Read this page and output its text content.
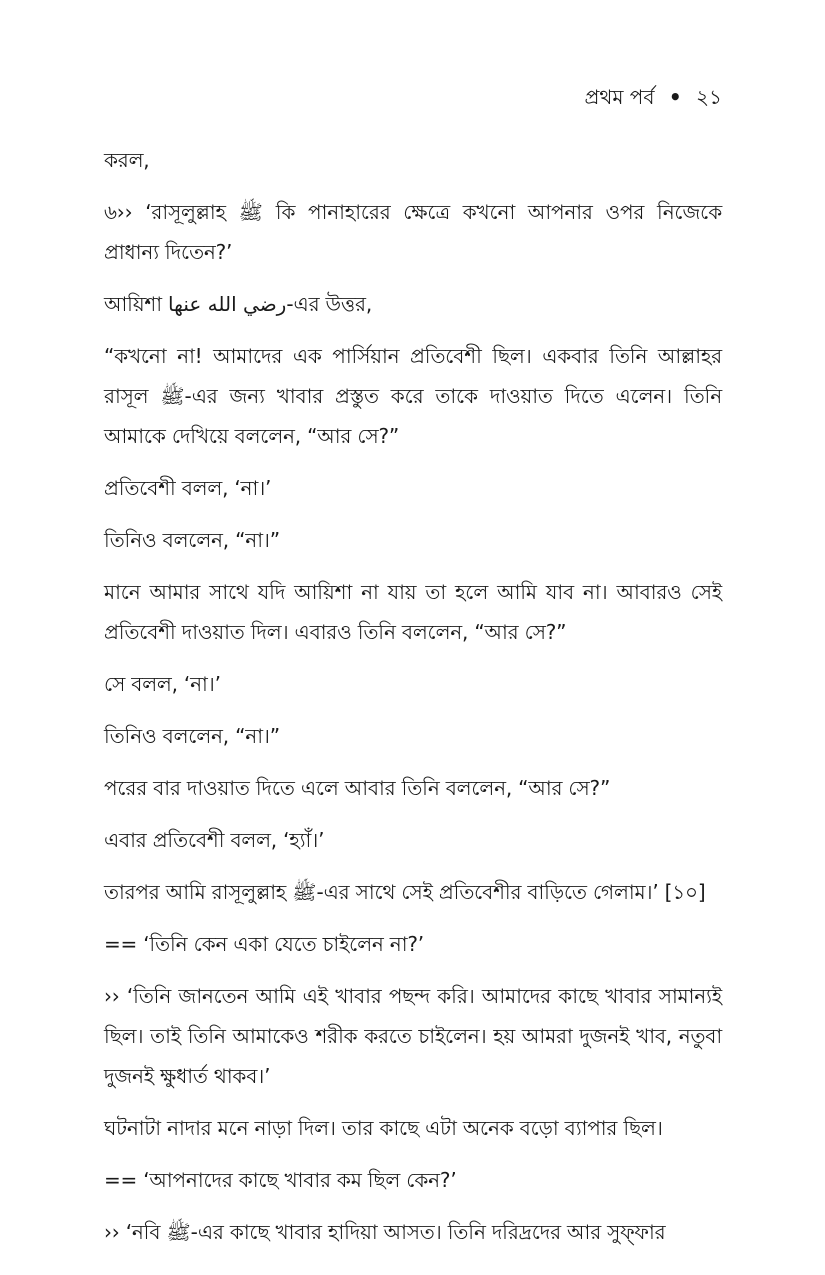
প্রথম পর্ব • ২১

করল,

৬›› ‘রাসূলুল্লাহ ﷺ কি পানাহারের ক্ষেত্রে কখনো আপনার ওপর নিজেকে প্রাধান্য দিতেন?’

আয়িশা رضي الله عنها-এর উত্তর,

“কখনো না! আমাদের এক পার্সিয়ান প্রতিবেশী ছিল। একবার তিনি আল্লাহর রাসূল ﷺ-এর জন্য খাবার প্রস্তুত করে তাকে দাওয়াত দিতে এলেন। তিনি আমাকে দেখিয়ে বললেন, “আর সে?”

প্রতিবেশী বলল, ‘না।’

তিনিও বললেন, “না।”

মানে আমার সাথে যদি আয়িশা না যায় তা হলে আমি যাব না। আবারও সেই প্রতিবেশী দাওয়াত দিল। এবারও তিনি বললেন, “আর সে?”

সে বলল, ‘না।’

তিনিও বললেন, “না।”

পরের বার দাওয়াত দিতে এলে আবার তিনি বললেন, “আর সে?”

এবার প্রতিবেশী বলল, ‘হ্যাঁ।’

তারপর আমি রাসূলুল্লাহ ﷺ-এর সাথে সেই প্রতিবেশীর বাড়িতে গেলাম।’ [১০]

== ‘তিনি কেন একা যেতে চাইলেন না?’

›› ‘তিনি জানতেন আমি এই খাবার পছন্দ করি। আমাদের কাছে খাবার সামান্যই ছিল। তাই তিনি আমাকেও শরীক করতে চাইলেন। হয় আমরা দুজনই খাব, নতুবা দুজনই ক্ষুধার্ত থাকব।’

ঘটনাটা নাদার মনে নাড়া দিল। তার কাছে এটা অনেক বড়ো ব্যাপার ছিল।

== ‘আপনাদের কাছে খাবার কম ছিল কেন?’

›› ‘নবি ﷺ-এর কাছে খাবার হাদিয়া আসত। তিনি দরিদ্রদের আর সুফ্‌ফার
